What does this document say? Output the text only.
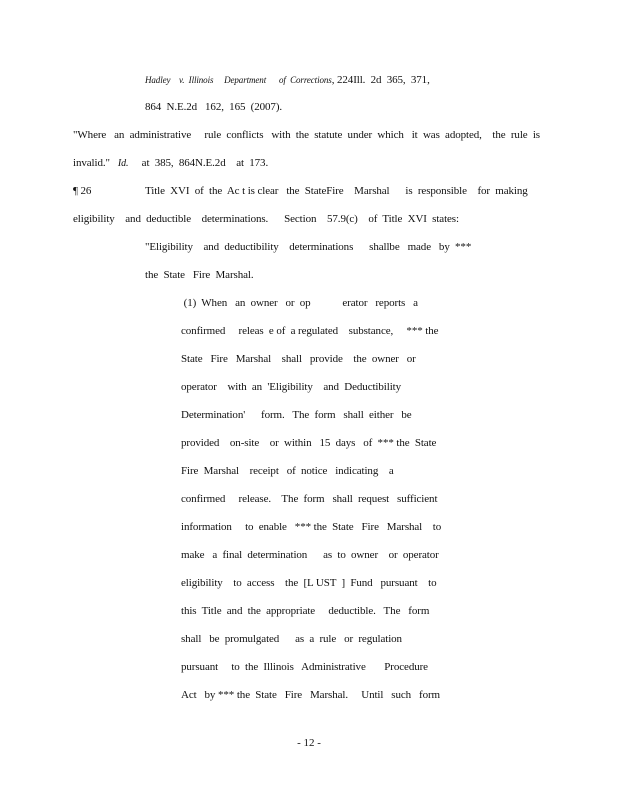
Hadley    v.  Illinois     Department      of  Corrections, 224Ill.  2d  365,  371,
864  N.E.2d   162,  165  (2007).
"Where   an  administrative     rule  conflicts   with  the  statute  under  which   it  was  adopted,    the  rule  is
invalid." Id. at  385,  864N.E.2d    at  173.
¶ 26	Title  XVI  of  the  Ac t is clear   the  StateFire    Marshal      is  responsible    for  making
eligibility    and  deductible    determinations.      Section    57.9(c)    of  Title  XVI  states:
"Eligibility    and  deductibility    determinations      shallbe   made   by  ***
the  State   Fire  Marshal.
(1)  When   an  owner   or  op            erator   reports   a
confirmed     releas  e of  a regulated    substance,     *** the
State   Fire   Marshal    shall   provide    the  owner   or
operator    with  an  'Eligibility    and  Deductibility
Determination'      form.   The  form   shall  either   be
provided    on-site    or  within   15  days   of  *** the  State
Fire  Marshal    receipt   of  notice   indicating    a
confirmed     release.    The  form   shall  request   sufficient
information     to  enable   *** the  State   Fire   Marshal    to
make   a  final  determination      as  to  owner    or  operator
eligibility    to  access    the  [L UST  ]  Fund   pursuant    to
this  Title  and  the  appropriate     deductible.   The   form
shall   be  promulgated      as  a  rule   or  regulation
pursuant     to  the  Illinois   Administrative       Procedure
Act   by *** the  State   Fire   Marshal.     Until   such   form
- 12 -
